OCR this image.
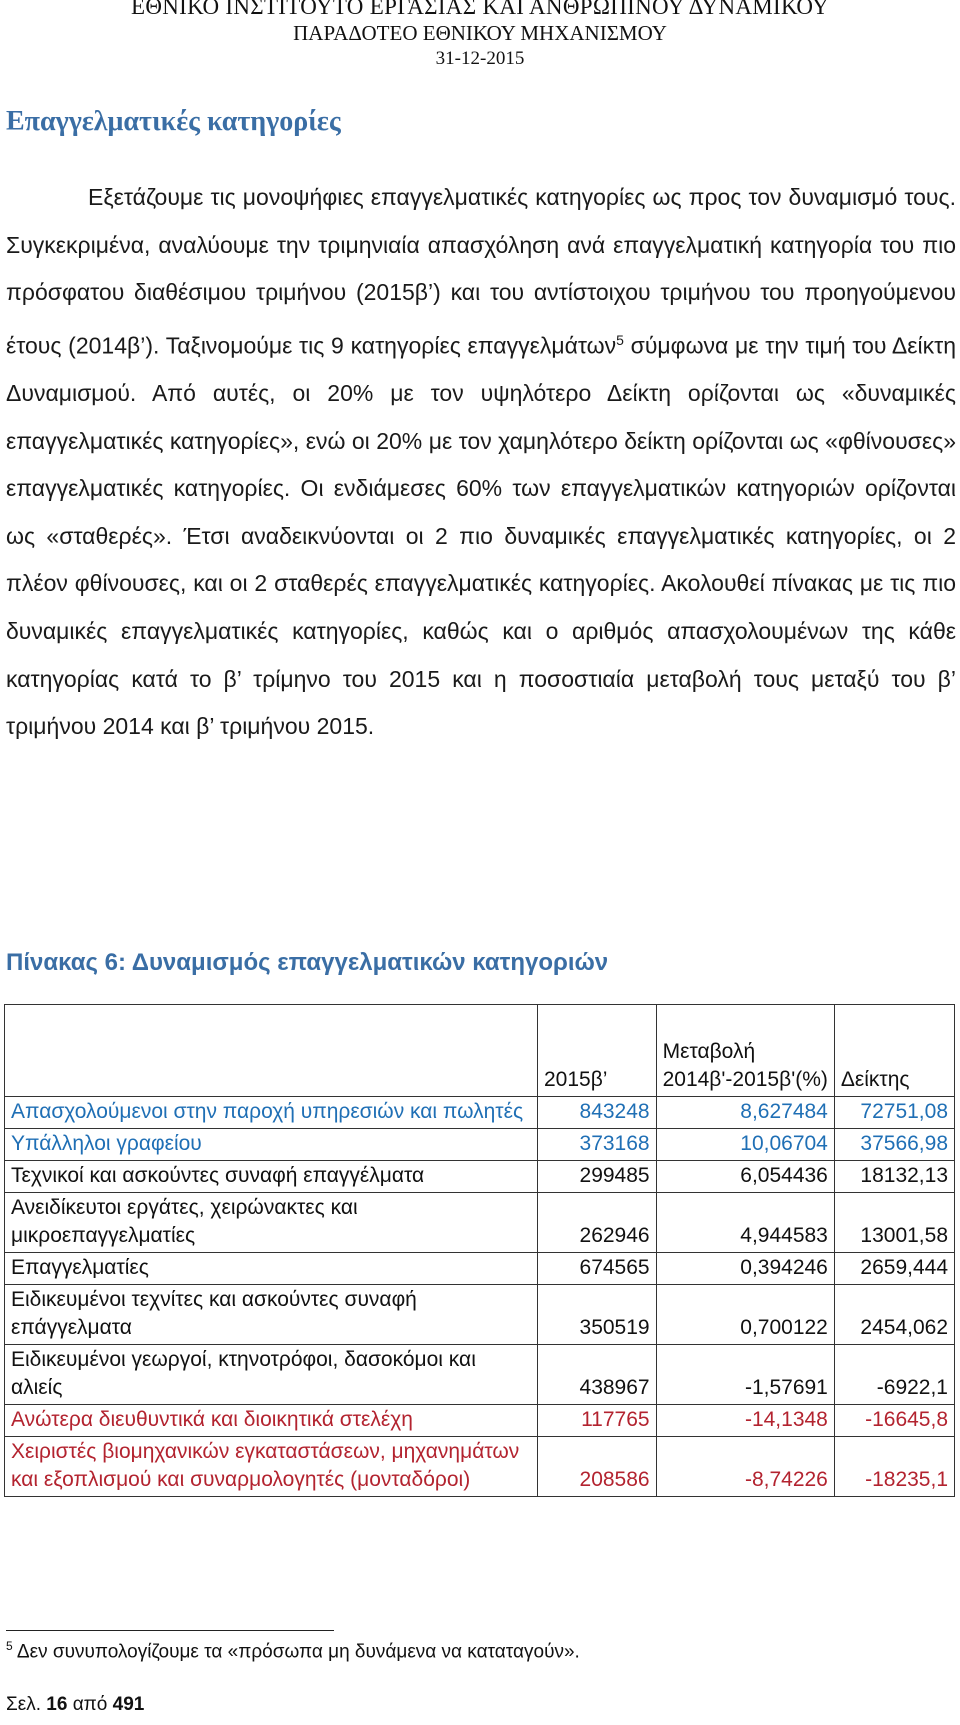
ΕΘΝΙΚΟ ΙΝΣΤΙΤΟΥΤΟ ΕΡΓΑΣΙΑΣ ΚΑΙ ΑΝΘΡΩΠΙΝΟΥ ΔΥΝΑΜΙΚΟΥ
ΠΑΡΑΔΟΤΕΟ ΕΘΝΙΚΟΥ ΜΗΧΑΝΙΣΜΟΥ
31-12-2015
Επαγγελματικές κατηγορίες
Εξετάζουμε τις μονοψήφιες επαγγελματικές κατηγορίες ως προς τον δυναμισμό τους. Συγκεκριμένα, αναλύουμε την τριμηνιαία απασχόληση ανά επαγγελματική κατηγορία του πιο πρόσφατου διαθέσιμου τριμήνου (2015β’) και του αντίστοιχου τριμήνου του προηγούμενου έτους (2014β’). Ταξινομούμε τις 9 κατηγορίες επαγγελμάτων$^5$ σύμφωνα με την τιμή του Δείκτη Δυναμισμού. Από αυτές, οι 20% με τον υψηλότερο Δείκτη ορίζονται ως «δυναμικές επαγγελματικές κατηγορίες», ενώ οι 20% με τον χαμηλότερο δείκτη ορίζονται ως «φθίνουσες» επαγγελματικές κατηγορίες. Οι ενδιάμεσες 60% των επαγγελματικών κατηγοριών ορίζονται ως «σταθερές». Έτσι αναδεικνύονται οι 2 πιο δυναμικές επαγγελματικές κατηγορίες, οι 2 πλέον φθίνουσες, και οι 2 σταθερές επαγγελματικές κατηγορίες. Ακολουθεί πίνακας με τις πιο δυναμικές επαγγελματικές κατηγορίες, καθώς και ο αριθμός απασχολουμένων της κάθε κατηγορίας κατά το β’ τρίμηνο του 2015 και η ποσοστιαία μεταβολή τους μεταξύ του β’ τριμήνου 2014 και β’ τριμήνου 2015.
Πίνακας 6: Δυναμισμός επαγγελματικών κατηγοριών
	2015β’	Μεταβολή 2014β'-2015β'(%)	Δείκτης
Απασχολούμενοι στην παροχή υπηρεσιών και πωλητές	843248	8,627484	72751,08
Υπάλληλοι γραφείου	373168	10,06704	37566,98
Τεχνικοί και ασκούντες συναφή επαγγέλματα	299485	6,054436	18132,13
Ανειδίκευτοι εργάτες, χειρώνακτες και μικροεπαγγελματίες	262946	4,944583	13001,58
Επαγγελματίες	674565	0,394246	2659,444
Ειδικευμένοι τεχνίτες και ασκούντες συναφή επάγγελματα	350519	0,700122	2454,062
Ειδικευμένοι γεωργοί, κτηνοτρόφοι, δασοκόμοι και αλιείς	438967	-1,57691	-6922,1
Ανώτερα διευθυντικά και διοικητικά στελέχη	117765	-14,1348	-16645,8
Χειριστές βιομηχανικών εγκαταστάσεων, μηχανημάτων και εξοπλισμού και συναρμολογητές (μονταδόροι)	208586	-8,74226	-18235,1
$^5$ Δεν συνυπολογίζουμε τα «πρόσωπα μη δυνάμενα να καταταγούν».
Σελ. 16 από 491
